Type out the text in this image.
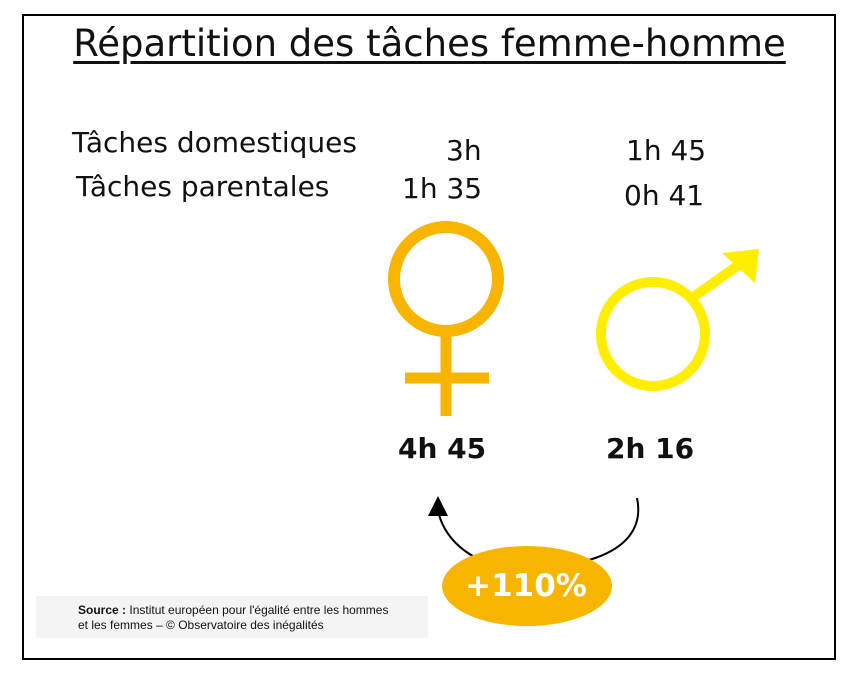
Répartition des tâches femme-homme
Tâches domestiques
Tâches parentales
3h
1h 35
1h 45
0h 41
4h 45	2h 16
+110%
Source : Institut européen pour l'égalité entre les hommes
et les femmes – © Observatoire des inégalités
